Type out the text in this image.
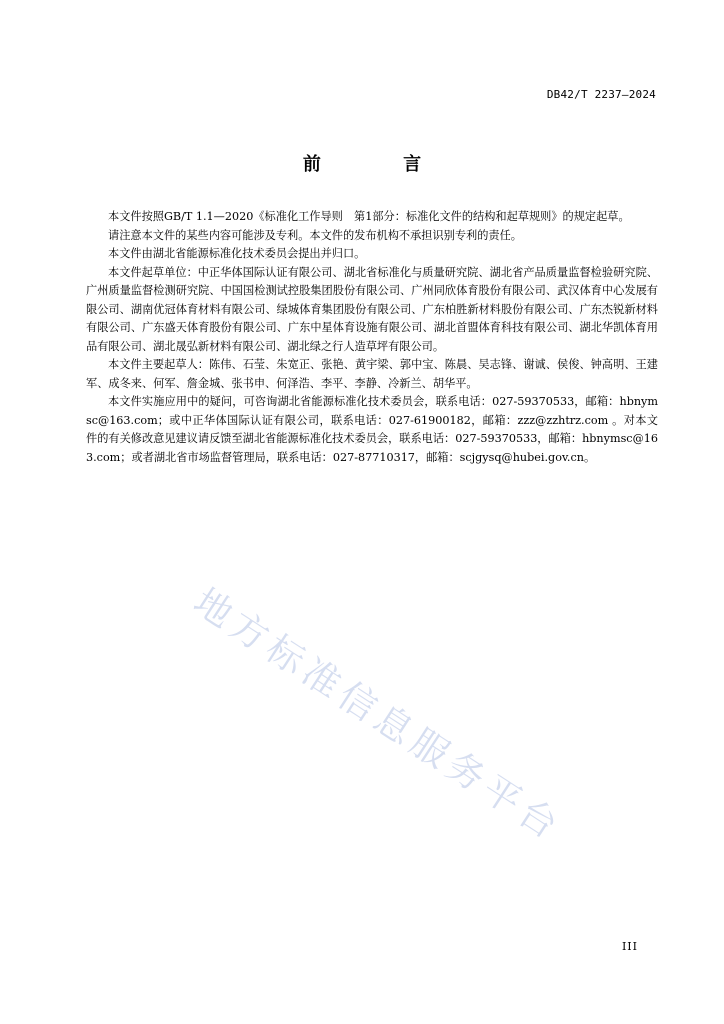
DB42/T 2237—2024
前 言

本文件按照GB/T 1.1—2020《标准化工作导则　第1部分：标准化文件的结构和起草规则》的规定起草。

请注意本文件的某些内容可能涉及专利。本文件的发布机构不承担识别专利的责任。

本文件由湖北省能源标准化技术委员会提出并归口。

本文件起草单位：中正华体国际认证有限公司、湖北省标准化与质量研究院、湖北省产品质量监督检验研究院、广州质量监督检测研究院、中国国检测试控股集团股份有限公司、广州同欣体育股份有限公司、武汉体育中心发展有限公司、湖南优冠体育材料有限公司、绿城体育集团股份有限公司、广东柏胜新材料股份有限公司、广东杰锐新材料有限公司、广东盛天体育股份有限公司、广东中星体育设施有限公司、湖北首盟体育科技有限公司、湖北华凯体育用品有限公司、湖北晟弘新材料有限公司、湖北绿之行人造草坪有限公司。

本文件主要起草人：陈伟、石莹、朱宽正、张艳、黄宇梁、郭中宝、陈晨、吴志锋、谢诚、侯俊、钟高明、王建军、成冬来、何军、詹金城、张书申、何泽浩、李平、李静、冷新兰、胡华平。

本文件实施应用中的疑问，可咨询湖北省能源标准化技术委员会，联系电话：027-59370533，邮箱：hbnymsc@163.com；或中正华体国际认证有限公司，联系电话：027-61900182，邮箱：zzz@zzhtrz.com 。对本文件的有关修改意见建议请反馈至湖北省能源标准化技术委员会，联系电话：027-59370533，邮箱：hbnymsc@163.com；或者湖北省市场监督管理局，联系电话：027-87710317，邮箱：scjgysq@hubei.gov.cn。

地方标准信息服务平台
III
